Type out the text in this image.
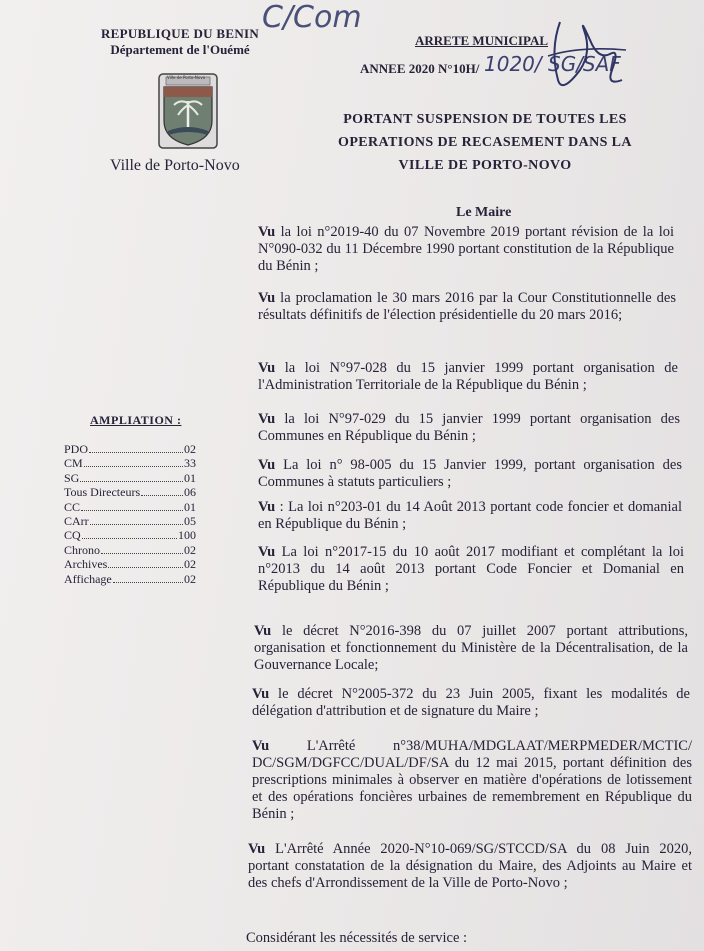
REPUBLIQUE DU BENIN
Département de l'Ouémé
Ville de Porto-Novo
Ville de Porto-Novo
C/Com
ARRETE MUNICIPAL
ANNEE 2020 N°10H/ 1020/ SG/SAF
PORTANT SUSPENSION DE TOUTES LES
OPERATIONS DE RECASEMENT DANS LA
VILLE DE PORTO-NOVO
Le Maire
Vu la loi n°2019-40 du 07 Novembre 2019 portant révision de la loi N°090-032 du 11 Décembre 1990 portant constitution de la République du Bénin ;
Vu la proclamation le 30 mars 2016 par la Cour Constitutionnelle des résultats définitifs de l'élection présidentielle du 20 mars 2016;
Vu la loi N°97-028 du 15 janvier 1999 portant organisation de l'Administration Territoriale de la République du Bénin ;
Vu la loi N°97-029 du 15 janvier 1999 portant organisation des Communes en République du Bénin ;
Vu La loi n° 98-005 du 15 Janvier 1999, portant organisation des Communes à statuts particuliers ;
Vu : La loi n°203-01 du 14 Août 2013 portant code foncier et domanial en République du Bénin ;
Vu La loi n°2017-15 du 10 août 2017 modifiant et complétant la loi n°2013 du 14 août 2013 portant Code Foncier et Domanial en République du Bénin ;
Vu le décret N°2016-398 du 07 juillet 2007 portant attributions, organisation et fonctionnement du Ministère de la Décentralisation, de la Gouvernance Locale;
Vu le décret N°2005-372 du 23 Juin 2005, fixant les modalités de délégation d'attribution et de signature du Maire ;
Vu L'Arrêté n°38/MUHA/MDGLAAT/MERPMEDER/MCTIC/ DC/SGM/DGFCC/DUAL/DF/SA du 12 mai 2015, portant définition des prescriptions minimales à observer en matière d'opérations de lotissement et des opérations foncières urbaines de remembrement en République du Bénin ;
Vu L'Arrêté Année 2020-N°10-069/SG/STCCD/SA du 08 Juin 2020, portant constatation de la désignation du Maire, des Adjoints au Maire et des chefs d'Arrondissement de la Ville de Porto-Novo ;
AMPLIATION :
PDO	02
CM	33
SG	01
Tous Directeurs	06
CC	01
CArr	05
CQ	100
Chrono	02
Archives	02
Affichage	02
Considérant les nécessités de service :
